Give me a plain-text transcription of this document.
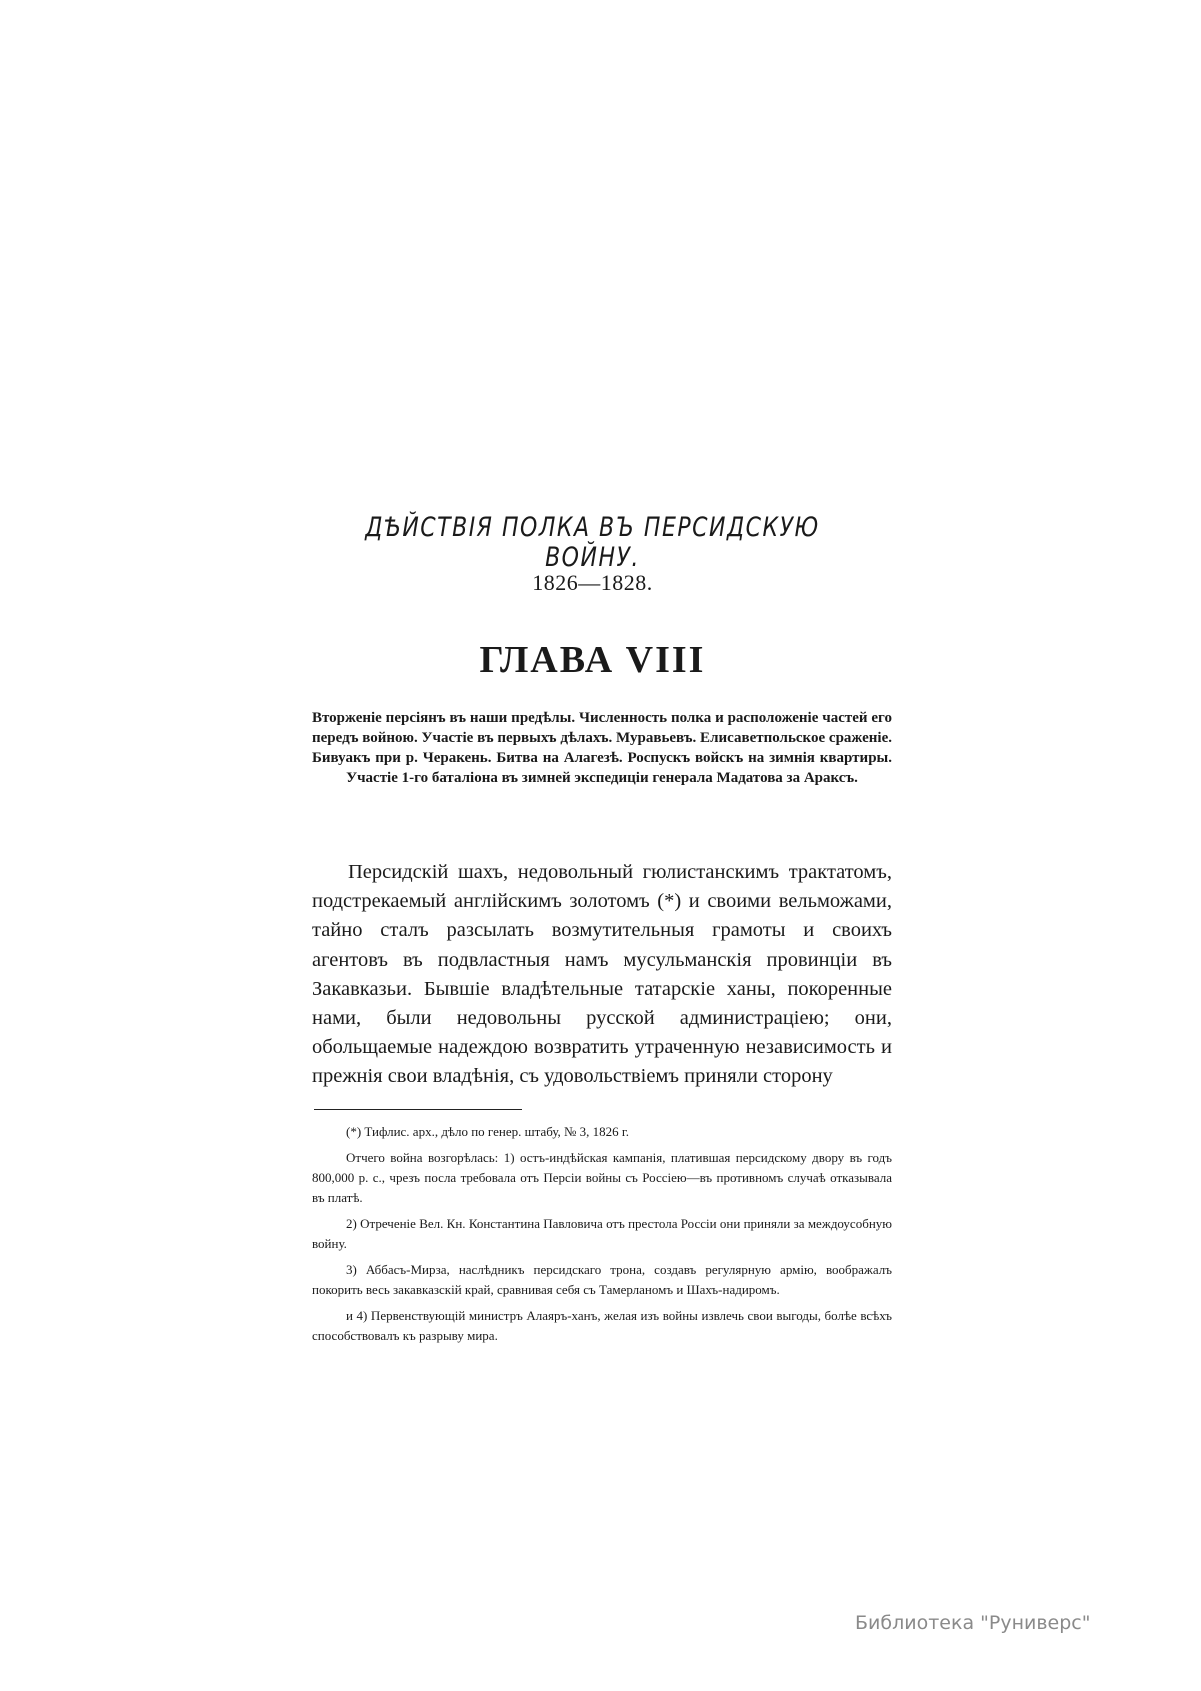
ДѢЙСТВІЯ ПОЛКА ВЪ ПЕРСИДСКУЮ ВОЙНУ.
1826—1828.
ГЛАВА VIII
Вторженіе персіянъ въ наши предѣлы. Численность полка и расположеніе частей его передъ войною. Участіе въ первыхъ дѣлахъ. Муравьевъ. Елисаветпольское сраженіе. Бивуакъ при р. Черакень. Битва на Алагезѣ. Роспускъ войскъ на зимнія квартиры. Участіе 1-го баталіона въ зимней экспедиціи генерала Мадатова за Араксъ.
Персидскій шахъ, недовольный гюлистанскимъ трактатомъ, подстрекаемый англійскимъ золотомъ (*) и своими вельможами, тайно сталъ разсылать возмутительныя грамоты и своихъ агентовъ въ подвластныя намъ мусульманскія провинціи въ Закавказьи. Бывшіе владѣтельные татарскіе ханы, покоренные нами, были недовольны русской администраціею; они, обольщаемые надеждою возвратить утраченную независимость и прежнія свои владѣнія, съ удовольствіемъ приняли сторону

(*) Тифлис. арх., дѣло по генер. штабу, № 3, 1826 г.

Отчего война возгорѣлась: 1) остъ-индѣйская кампанія, платившая персидскому двору въ годъ 800,000 р. с., чрезъ посла требовала отъ Персіи войны съ Россіею—въ противномъ случаѣ отказывала въ платѣ.

2) Отреченіе Вел. Кн. Константина Павловича отъ престола Россіи они приняли за междоусобную войну.

3) Аббасъ-Мирза, наслѣдникъ персидскаго трона, создавъ регулярную армію, воображалъ покорить весь закавказскій край, сравнивая себя съ Тамерланомъ и Шахъ-надиромъ.

и 4) Первенствующій министръ Алаяръ-ханъ, желая изъ войны извлечь свои выгоды, болѣе всѣхъ способствовалъ къ разрыву мира.

Библиотека "Руниверс"
